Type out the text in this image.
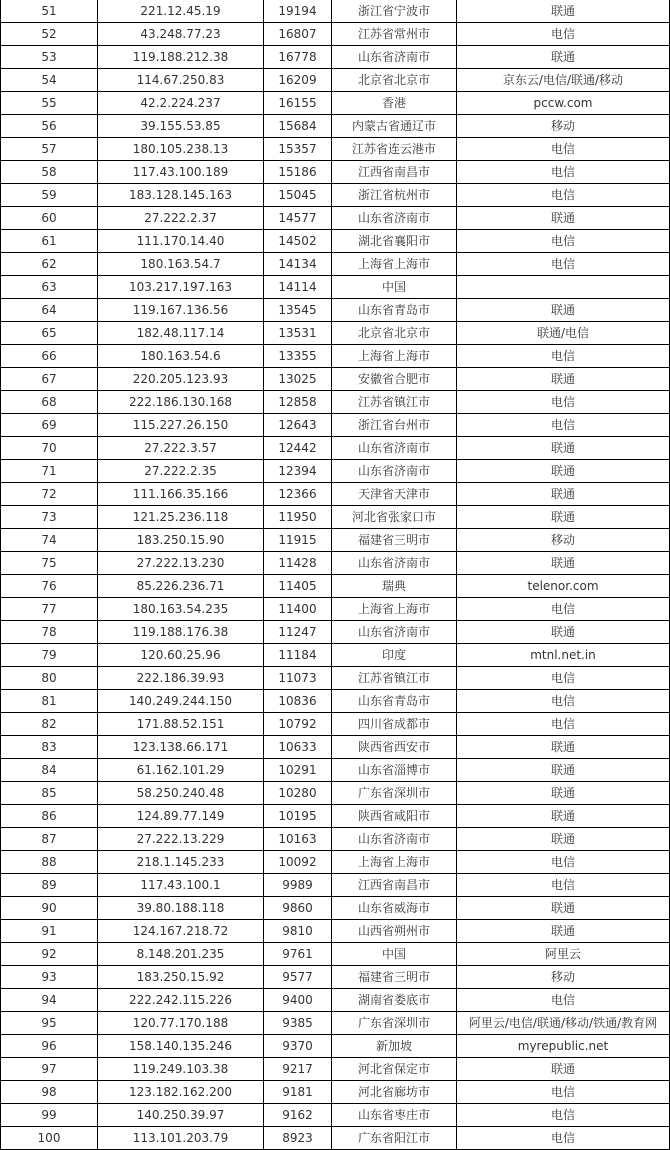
51	221.12.45.19	19194	浙江省宁波市	联通
52	43.248.77.23	16807	江苏省常州市	电信
53	119.188.212.38	16778	山东省济南市	联通
54	114.67.250.83	16209	北京省北京市	京东云/电信/联通/移动
55	42.2.224.237	16155	香港	pccw.com
56	39.155.53.85	15684	内蒙古省通辽市	移动
57	180.105.238.13	15357	江苏省连云港市	电信
58	117.43.100.189	15186	江西省南昌市	电信
59	183.128.145.163	15045	浙江省杭州市	电信
60	27.222.2.37	14577	山东省济南市	联通
61	111.170.14.40	14502	湖北省襄阳市	电信
62	180.163.54.7	14134	上海省上海市	电信
63	103.217.197.163	14114	中国	
64	119.167.136.56	13545	山东省青岛市	联通
65	182.48.117.14	13531	北京省北京市	联通/电信
66	180.163.54.6	13355	上海省上海市	电信
67	220.205.123.93	13025	安徽省合肥市	联通
68	222.186.130.168	12858	江苏省镇江市	电信
69	115.227.26.150	12643	浙江省台州市	电信
70	27.222.3.57	12442	山东省济南市	联通
71	27.222.2.35	12394	山东省济南市	联通
72	111.166.35.166	12366	天津省天津市	联通
73	121.25.236.118	11950	河北省张家口市	联通
74	183.250.15.90	11915	福建省三明市	移动
75	27.222.13.230	11428	山东省济南市	联通
76	85.226.236.71	11405	瑞典	telenor.com
77	180.163.54.235	11400	上海省上海市	电信
78	119.188.176.38	11247	山东省济南市	联通
79	120.60.25.96	11184	印度	mtnl.net.in
80	222.186.39.93	11073	江苏省镇江市	电信
81	140.249.244.150	10836	山东省青岛市	电信
82	171.88.52.151	10792	四川省成都市	电信
83	123.138.66.171	10633	陕西省西安市	联通
84	61.162.101.29	10291	山东省淄博市	联通
85	58.250.240.48	10280	广东省深圳市	联通
86	124.89.77.149	10195	陕西省咸阳市	联通
87	27.222.13.229	10163	山东省济南市	联通
88	218.1.145.233	10092	上海省上海市	电信
89	117.43.100.1	9989	江西省南昌市	电信
90	39.80.188.118	9860	山东省威海市	联通
91	124.167.218.72	9810	山西省朔州市	联通
92	8.148.201.235	9761	中国	阿里云
93	183.250.15.92	9577	福建省三明市	移动
94	222.242.115.226	9400	湖南省娄底市	电信
95	120.77.170.188	9385	广东省深圳市	阿里云/电信/联通/移动/铁通/教育网
96	158.140.135.246	9370	新加坡	myrepublic.net
97	119.249.103.38	9217	河北省保定市	联通
98	123.182.162.200	9181	河北省廊坊市	电信
99	140.250.39.97	9162	山东省枣庄市	电信
100	113.101.203.79	8923	广东省阳江市	电信
